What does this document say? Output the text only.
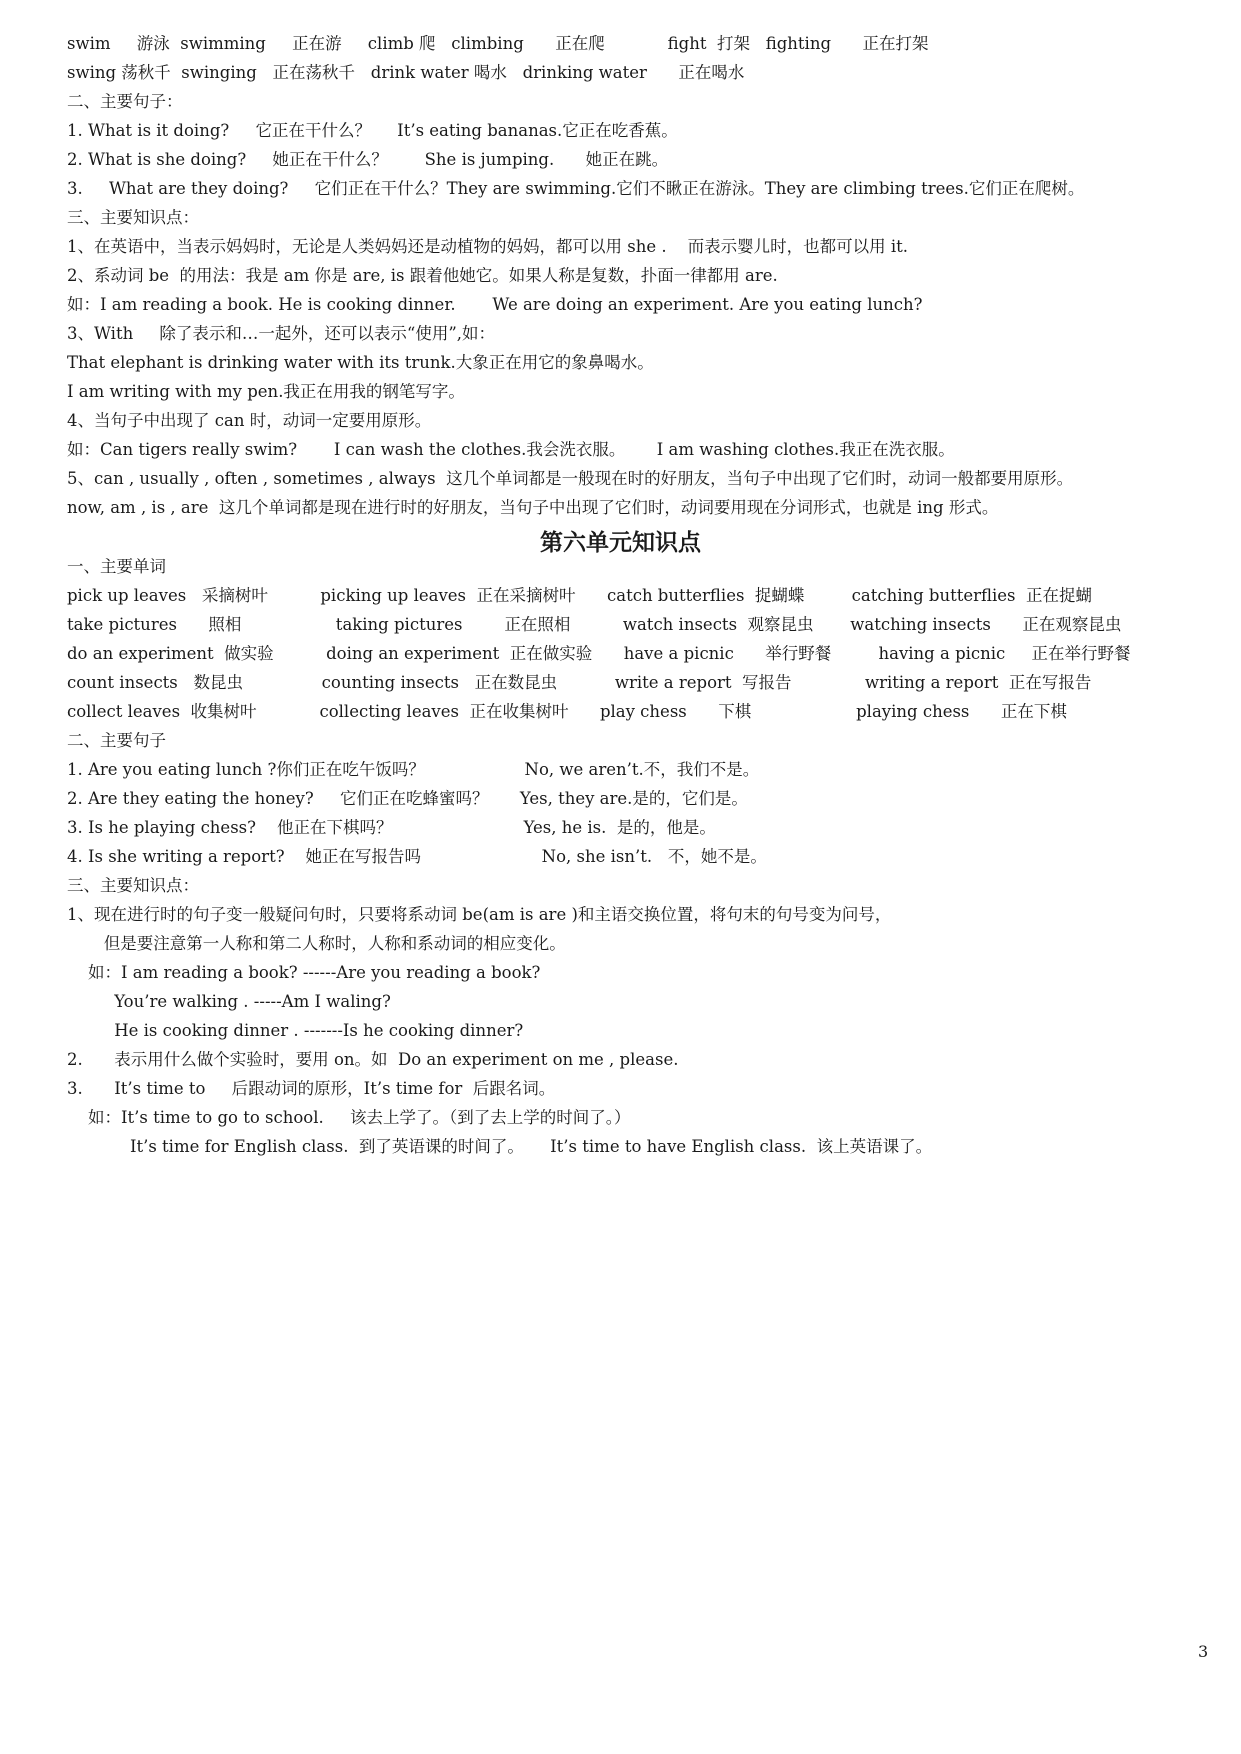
swim     游泳  swimming     正在游     climb 爬   climbing      正在爬            fight  打架   fighting      正在打架
swing 荡秋千  swinging   正在荡秋千   drink water 喝水   drinking water      正在喝水
二、主要句子：
1. What is it doing?     它正在干什么？     It’s eating bananas.它正在吃香蕉。
2. What is she doing?     她正在干什么？       She is jumping.      她正在跳。
3.     What are they doing?     它们正在干什么？They are swimming.它们不瞅正在游泳。They are climbing trees.它们正在爬树。
三、主要知识点：
1、在英语中，当表示妈妈时，无论是人类妈妈还是动植物的妈妈，都可以用 she .    而表示婴儿时，也都可以用 it.
2、系动词 be  的用法：我是 am 你是 are, is 跟着他她它。如果人称是复数，扑面一律都用 are.
如：I am reading a book. He is cooking dinner.       We are doing an experiment. Are you eating lunch?
3、With     除了表示和…一起外，还可以表示“使用”,如：
That elephant is drinking water with its trunk.大象正在用它的象鼻喝水。
I am writing with my pen.我正在用我的钢笔写字。
4、当句子中出现了 can 时，动词一定要用原形。
如：Can tigers really swim?       I can wash the clothes.我会洗衣服。      I am washing clothes.我正在洗衣服。
5、can , usually , often , sometimes , always  这几个单词都是一般现在时的好朋友，当句子中出现了它们时，动词一般都要用原形。
now, am , is , are  这几个单词都是现在进行时的好朋友，当句子中出现了它们时，动词要用现在分词形式，也就是 ing 形式。
第六单元知识点
一、主要单词
pick up leaves   采摘树叶          picking up leaves  正在采摘树叶      catch butterflies  捉蝴蝶         catching butterflies  正在捉蝴
take pictures      照相                  taking pictures        正在照相          watch insects  观察昆虫       watching insects      正在观察昆虫
do an experiment  做实验          doing an experiment  正在做实验      have a picnic      举行野餐         having a picnic     正在举行野餐
count insects   数昆虫               counting insects   正在数昆虫           write a report  写报告              writing a report  正在写报告
collect leaves  收集树叶            collecting leaves  正在收集树叶      play chess      下棋                    playing chess      正在下棋
二、主要句子
1. Are you eating lunch ?你们正在吃午饭吗？                   No, we aren’t.不，我们不是。
2. Are they eating the honey?     它们正在吃蜂蜜吗？      Yes, they are.是的，它们是。
3. Is he playing chess?    他正在下棋吗？                         Yes, he is.  是的，他是。
4. Is she writing a report?    她正在写报告吗                       No, she isn’t.   不，她不是。
三、主要知识点：
1、现在进行时的句子变一般疑问句时，只要将系动词 be(am is are )和主语交换位置，将句末的句号变为问号，
但是要注意第一人称和第二人称时，人称和系动词的相应变化。
如：I am reading a book? ------Are you reading a book?
You’re walking . -----Am I waling?
He is cooking dinner . -------Is he cooking dinner?
2.      表示用什么做个实验时，要用 on。如  Do an experiment on me , please.
3.      It’s time to     后跟动词的原形，It’s time for  后跟名词。
如：It’s time to go to school.     该去上学了。（到了去上学的时间了。）
It’s time for English class.  到了英语课的时间了。     It’s time to have English class.  该上英语课了。
3
